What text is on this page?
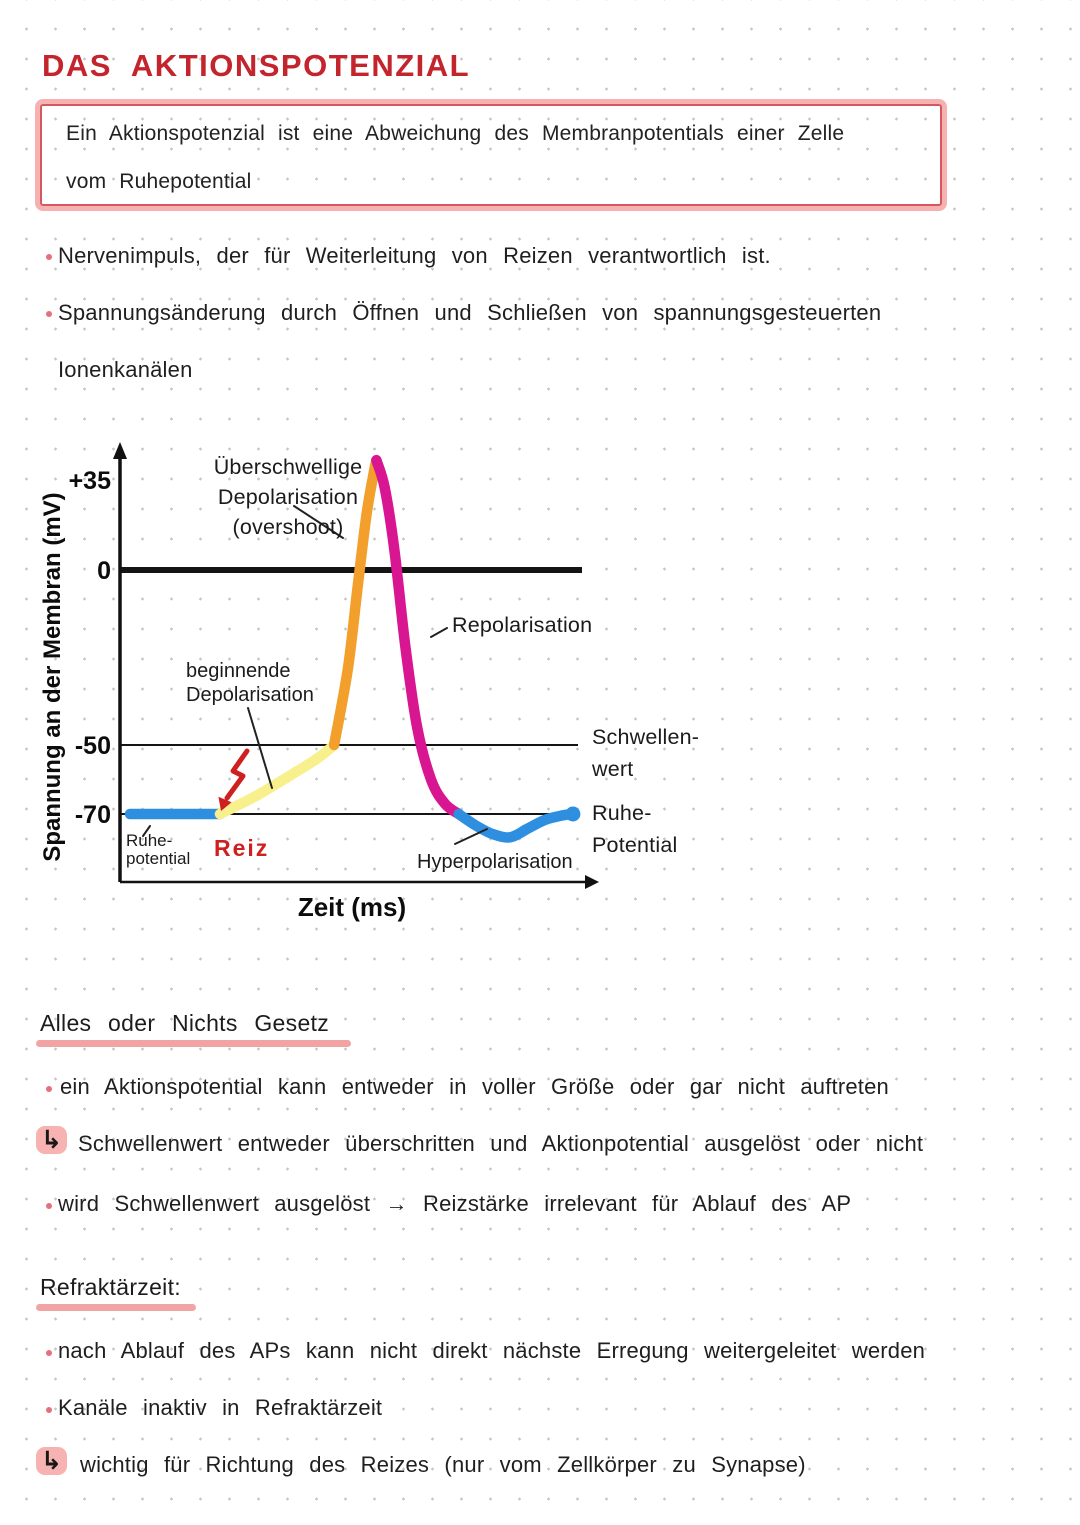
DAS AKTIONSPOTENZIAL
Ein Aktionspotenzial ist eine Abweichung des Membranpotentials einer Zelle
vom Ruhepotential
Nervenimpuls, der für Weiterleitung von Reizen verantwortlich ist.
Spannungsänderung durch Öffnen und Schließen von spannungsgesteuerten
Ionenkanälen
+35
0
-50
-70
Überschwellige
Depolarisation
(overshoot)
beginnende
Depolarisation
Repolarisation
Schwellen-
wert
Ruhe-
Potential
Hyperpolarisation
Ruhe-
potential Reiz
Spannung an der Membran (mV)
Zeit (ms)
Alles oder Nichts Gesetz
ein Aktionspotential kann entweder in voller Größe oder gar nicht auftreten
↳ Schwellenwert entweder überschritten und Aktionpotential ausgelöst oder nicht
wird Schwellenwert ausgelöst → Reizstärke irrelevant für Ablauf des AP
Refraktärzeit:
nach Ablauf des APs kann nicht direkt nächste Erregung weitergeleitet werden
Kanäle inaktiv in Refraktärzeit
↳ wichtig für Richtung des Reizes (nur vom Zellkörper zu Synapse)
